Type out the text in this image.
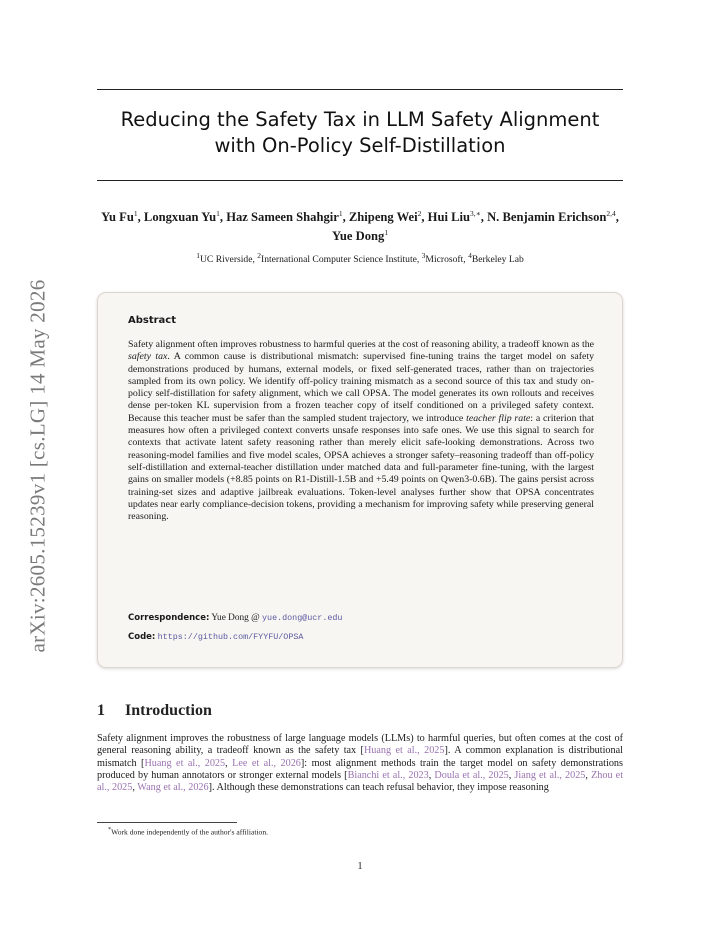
arXiv:2605.15239v1 [cs.LG] 14 May 2026
Reducing the Safety Tax in LLM Safety Alignment
with On-Policy Self-Distillation
Yu Fu$^1$, Longxuan Yu$^1$, Haz Sameen Shahgir$^1$, Zhipeng Wei$^2$, Hui Liu$^{3,∗}$, N. Benjamin Erichson$^{2,4}$, Yue Dong$^1$
$^1$UC Riverside, $^2$International Computer Science Institute, $^3$Microsoft, $^4$Berkeley Lab
Abstract
Safety alignment often improves robustness to harmful queries at the cost of reasoning ability, a tradeoff known as the safety tax. A common cause is distributional mismatch: supervised fine-tuning trains the target model on safety demonstrations produced by humans, external models, or fixed self-generated traces, rather than on trajectories sampled from its own policy. We identify off-policy training mismatch as a second source of this tax and study on-policy self-distillation for safety alignment, which we call OPSA. The model generates its own rollouts and receives dense per-token KL supervision from a frozen teacher copy of itself conditioned on a privileged safety context. Because this teacher must be safer than the sampled student trajectory, we introduce teacher flip rate: a criterion that measures how often a privileged context converts unsafe responses into safe ones. We use this signal to search for contexts that activate latent safety reasoning rather than merely elicit safe-looking demonstrations. Across two reasoning-model families and five model scales, OPSA achieves a stronger safety–reasoning tradeoff than off-policy self-distillation and external-teacher distillation under matched data and full-parameter fine-tuning, with the largest gains on smaller models (+8.85 points on R1-Distill-1.5B and +5.49 points on Qwen3-0.6B). The gains persist across training-set sizes and adaptive jailbreak evaluations. Token-level analyses further show that OPSA concentrates updates near early compliance-decision tokens, providing a mechanism for improving safety while preserving general reasoning.
Correspondence: Yue Dong @ yue.dong@ucr.edu
Code: https://github.com/FYYFU/OPSA
1 Introduction
Safety alignment improves the robustness of large language models (LLMs) to harmful queries, but often comes at the cost of general reasoning ability, a tradeoff known as the safety tax [Huang et al., 2025]. A common explanation is distributional mismatch [Huang et al., 2025, Lee et al., 2026]: most alignment methods train the target model on safety demonstrations produced by human annotators or stronger external models [Bianchi et al., 2023, Doula et al., 2025, Jiang et al., 2025, Zhou et al., 2025, Wang et al., 2026]. Although these demonstrations can teach refusal behavior, they impose reasoning
*Work done independently of the author's affiliation.
1
